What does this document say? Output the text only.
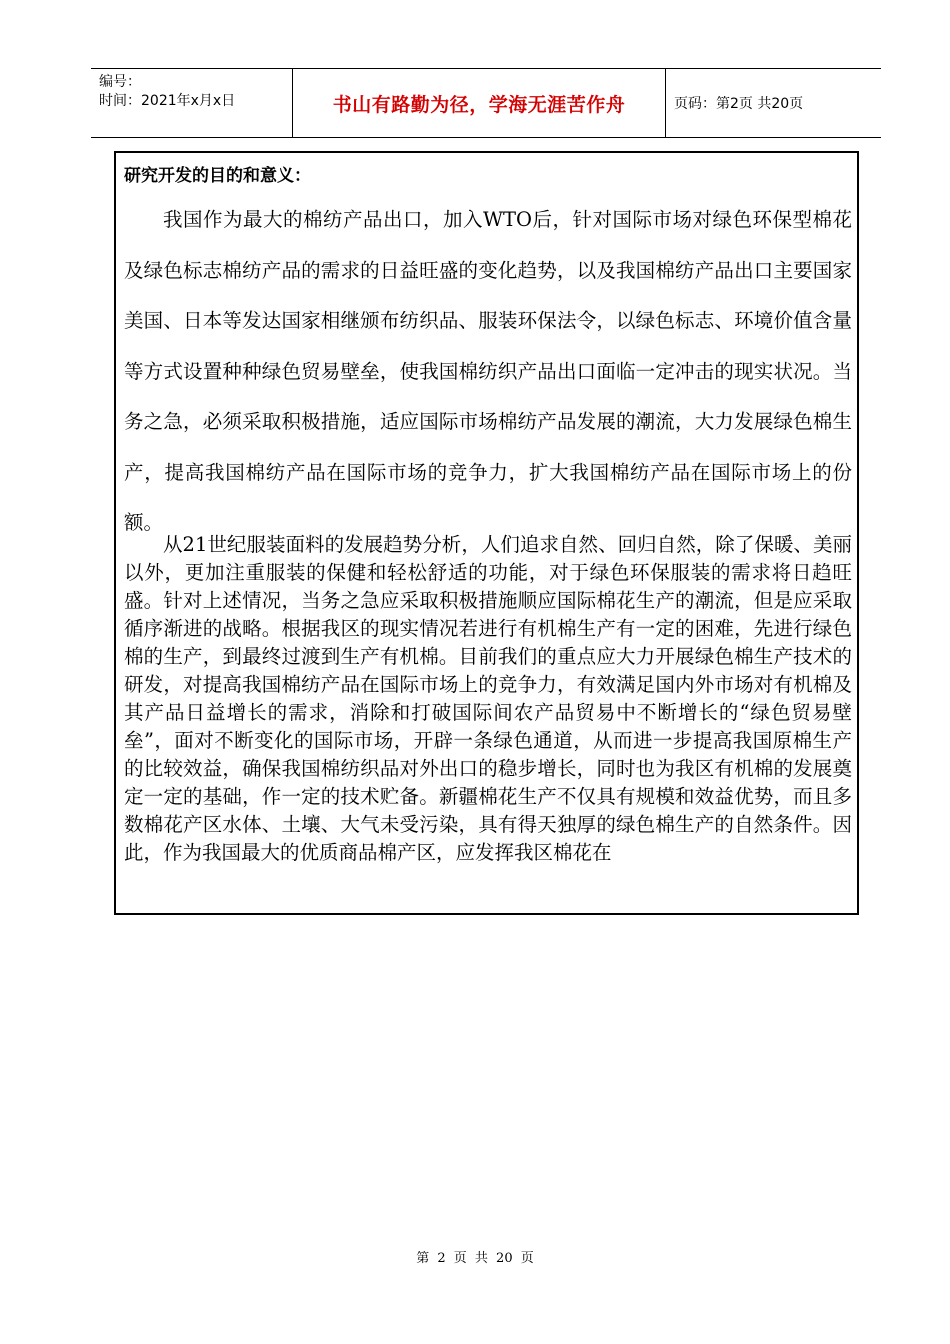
编号：
时间：2021年x月x日	书山有路勤为径，学海无涯苦作舟	页码：第2页 共20页
研究开发的目的和意义：

我国作为最大的棉纺产品出口，加入WTO后，针对国际市场对绿色环保型棉花及绿色标志棉纺产品的需求的日益旺盛的变化趋势，以及我国棉纺产品出口主要国家美国、日本等发达国家相继颁布纺织品、服装环保法令，以绿色标志、环境价值含量等方式设置种种绿色贸易壁垒，使我国棉纺织产品出口面临一定冲击的现实状况。当务之急，必须采取积极措施，适应国际市场棉纺产品发展的潮流，大力发展绿色棉生产，提高我国棉纺产品在国际市场的竞争力，扩大我国棉纺产品在国际市场上的份额。

从21世纪服装面料的发展趋势分析，人们追求自然、回归自然，除了保暖、美丽以外，更加注重服装的保健和轻松舒适的功能，对于绿色环保服装的需求将日趋旺盛。针对上述情况，当务之急应采取积极措施顺应国际棉花生产的潮流，但是应采取循序渐进的战略。根据我区的现实情况若进行有机棉生产有一定的困难，先进行绿色棉的生产，到最终过渡到生产有机棉。目前我们的重点应大力开展绿色棉生产技术的研发，对提高我国棉纺产品在国际市场上的竞争力，有效满足国内外市场对有机棉及其产品日益增长的需求，消除和打破国际间农产品贸易中不断增长的“绿色贸易壁垒”，面对不断变化的国际市场，开辟一条绿色通道，从而进一步提高我国原棉生产的比较效益，确保我国棉纺织品对外出口的稳步增长，同时也为我区有机棉的发展奠定一定的基础，作一定的技术贮备。新疆棉花生产不仅具有规模和效益优势，而且多数棉花产区水体、土壤、大气未受污染，具有得天独厚的绿色棉生产的自然条件。因此，作为我国最大的优质商品棉产区，应发挥我区棉花在

第 2 页 共 20 页
